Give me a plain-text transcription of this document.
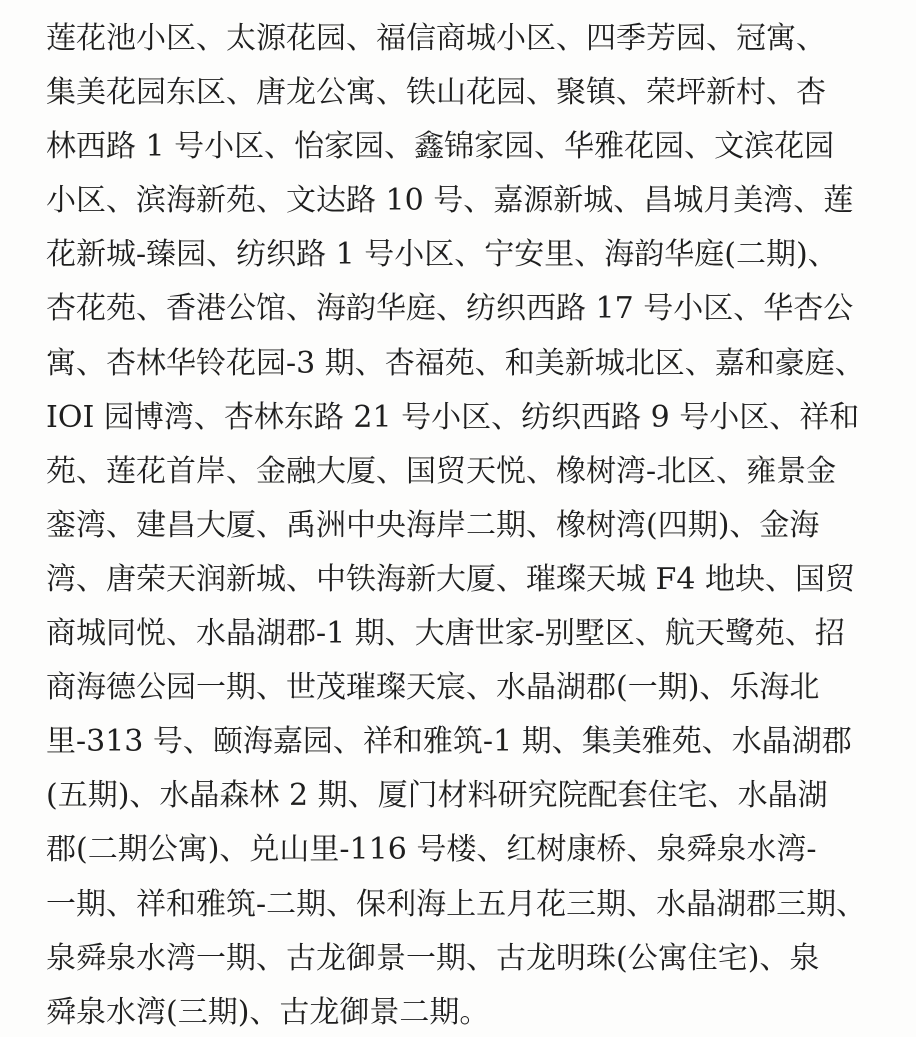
莲花池小区、太源花园、福信商城小区、四季芳园、冠寓、
集美花园东区、唐龙公寓、铁山花园、聚镇、荣坪新村、杏
林西路 1 号小区、怡家园、鑫锦家园、华雅花园、文滨花园
小区、滨海新苑、文达路 10 号、嘉源新城、昌城月美湾、莲
花新城-臻园、纺织路 1 号小区、宁安里、海韵华庭(二期)、
杏花苑、香港公馆、海韵华庭、纺织西路 17 号小区、华杏公
寓、杏林华铃花园-3 期、杏福苑、和美新城北区、嘉和豪庭、
IOI 园博湾、杏林东路 21 号小区、纺织西路 9 号小区、祥和
苑、莲花首岸、金融大厦、国贸天悦、橡树湾-北区、雍景金
銮湾、建昌大厦、禹洲中央海岸二期、橡树湾(四期)、金海
湾、唐荣天润新城、中铁海新大厦、璀璨天城 F4 地块、国贸
商城同悦、水晶湖郡-1 期、大唐世家-别墅区、航天鹭苑、招
商海德公园一期、世茂璀璨天宸、水晶湖郡(一期)、乐海北
里-313 号、颐海嘉园、祥和雅筑-1 期、集美雅苑、水晶湖郡
(五期)、水晶森林 2 期、厦门材料研究院配套住宅、水晶湖
郡(二期公寓)、兑山里-116 号楼、红树康桥、泉舜泉水湾-
一期、祥和雅筑-二期、保利海上五月花三期、水晶湖郡三期、
泉舜泉水湾一期、古龙御景一期、古龙明珠(公寓住宅)、泉
舜泉水湾(三期)、古龙御景二期。
